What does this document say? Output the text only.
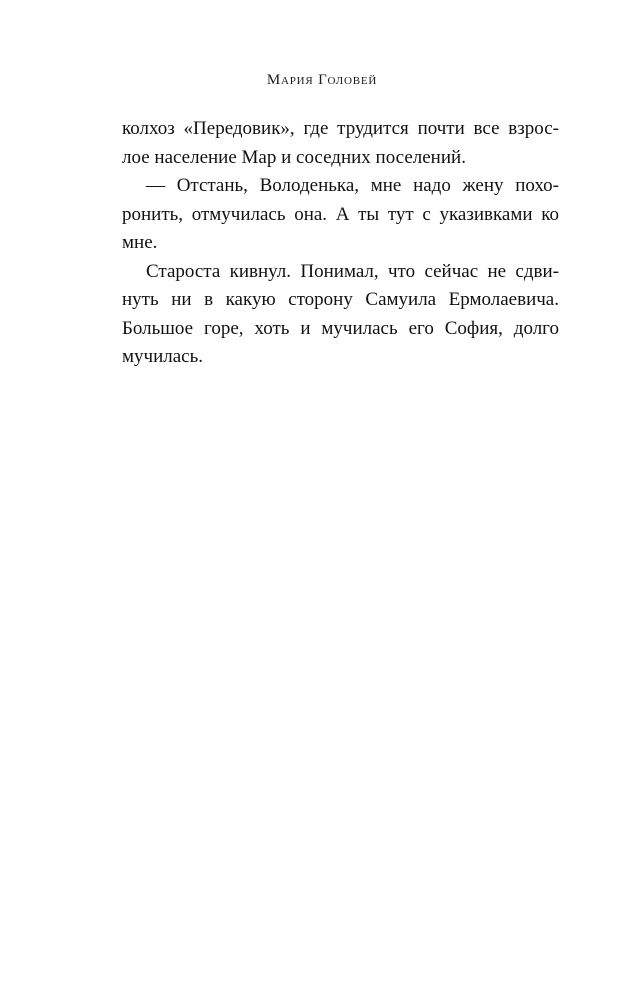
Мария Головей
колхоз «Передовик», где трудится почти все взрос-
лое население Мар и соседних поселений.
— Отстань, Володенька, мне надо жену похо-
ронить, отмучилась она. А ты тут с указивками ко
мне.
Староста кивнул. Понимал, что сейчас не сдви-
нуть ни в какую сторону Самуила Ермолаевича.
Большое горе, хоть и мучилась его София, долго
мучилась.
